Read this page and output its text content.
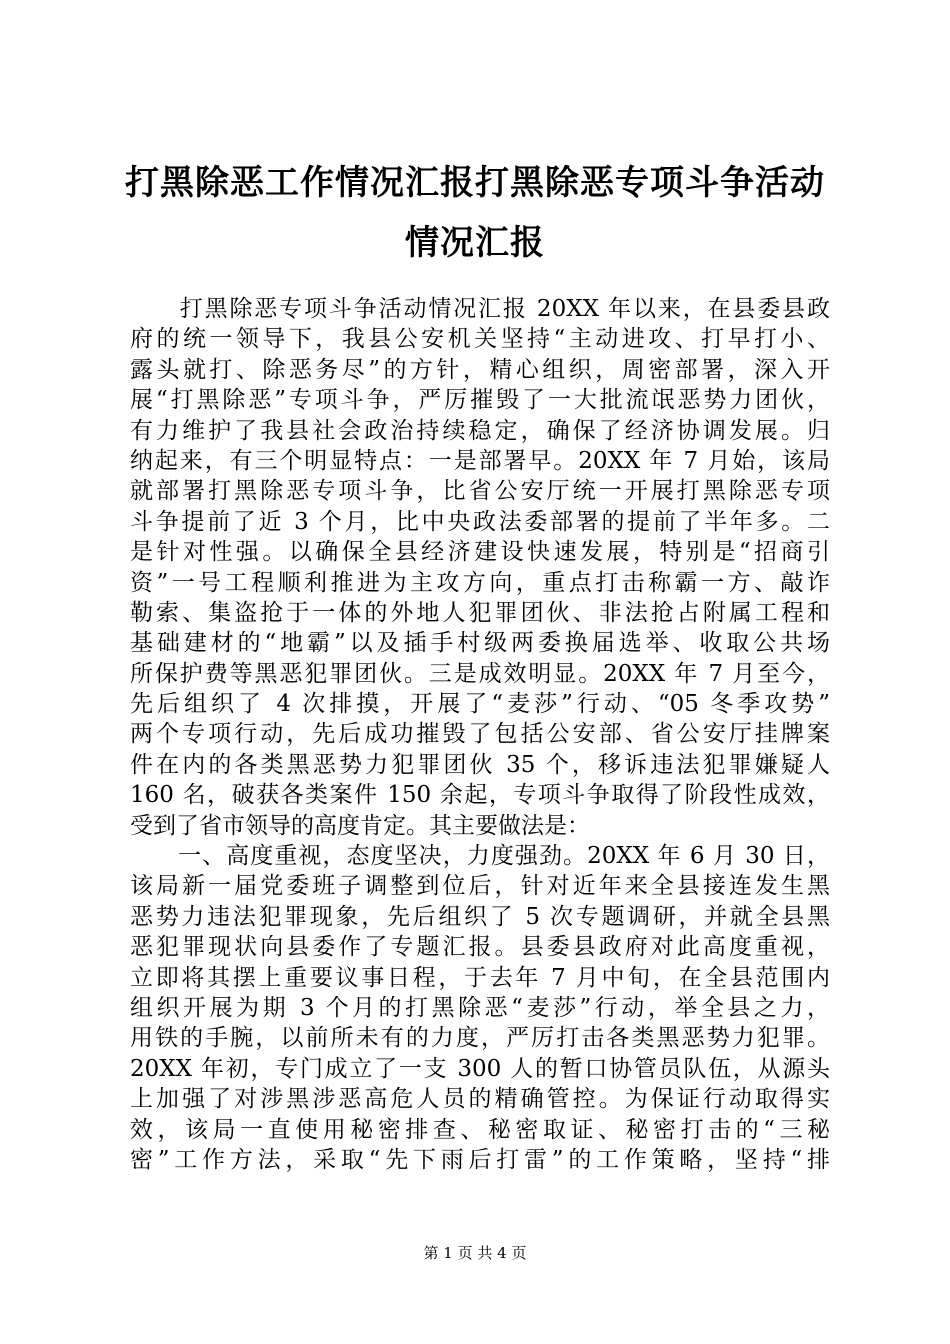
打黑除恶工作情况汇报打黑除恶专项斗争活动
情况汇报
　　打黑除恶专项斗争活动情况汇报 20XX 年以来，在县委县政
府的统一领导下，我县公安机关坚持“主动进攻、打早打小、
露头就打、除恶务尽”的方针，精心组织，周密部署，深入开
展“打黑除恶”专项斗争，严厉摧毁了一大批流氓恶势力团伙，
有力维护了我县社会政治持续稳定，确保了经济协调发展。归
纳起来，有三个明显特点：一是部署早。20XX 年 7 月始，该局
就部署打黑除恶专项斗争，比省公安厅统一开展打黑除恶专项
斗争提前了近 3 个月，比中央政法委部署的提前了半年多。二
是针对性强。以确保全县经济建设快速发展，特别是“招商引
资”一号工程顺利推进为主攻方向，重点打击称霸一方、敲诈
勒索、集盗抢于一体的外地人犯罪团伙、非法抢占附属工程和
基础建材的“地霸”以及插手村级两委换届选举、收取公共场
所保护费等黑恶犯罪团伙。三是成效明显。20XX 年 7 月至今，
先后组织了 4 次排摸，开展了“麦莎”行动、“05 冬季攻势”
两个专项行动，先后成功摧毁了包括公安部、省公安厅挂牌案
件在内的各类黑恶势力犯罪团伙 35 个，移诉违法犯罪嫌疑人
160 名，破获各类案件 150 余起，专项斗争取得了阶段性成效，
受到了省市领导的高度肯定。其主要做法是：
　　一、高度重视，态度坚决，力度强劲。20XX 年 6 月 30 日，
该局新一届党委班子调整到位后，针对近年来全县接连发生黑
恶势力违法犯罪现象，先后组织了 5 次专题调研，并就全县黑
恶犯罪现状向县委作了专题汇报。县委县政府对此高度重视，
立即将其摆上重要议事日程，于去年 7 月中旬，在全县范围内
组织开展为期 3 个月的打黑除恶“麦莎”行动，举全县之力，
用铁的手腕，以前所未有的力度，严厉打击各类黑恶势力犯罪。
20XX 年初，专门成立了一支 300 人的暂口协管员队伍，从源头
上加强了对涉黑涉恶高危人员的精确管控。为保证行动取得实
效，该局一直使用秘密排查、秘密取证、秘密打击的“三秘
密”工作方法，采取“先下雨后打雷”的工作策略，坚持“排
第 1 页 共 4 页
